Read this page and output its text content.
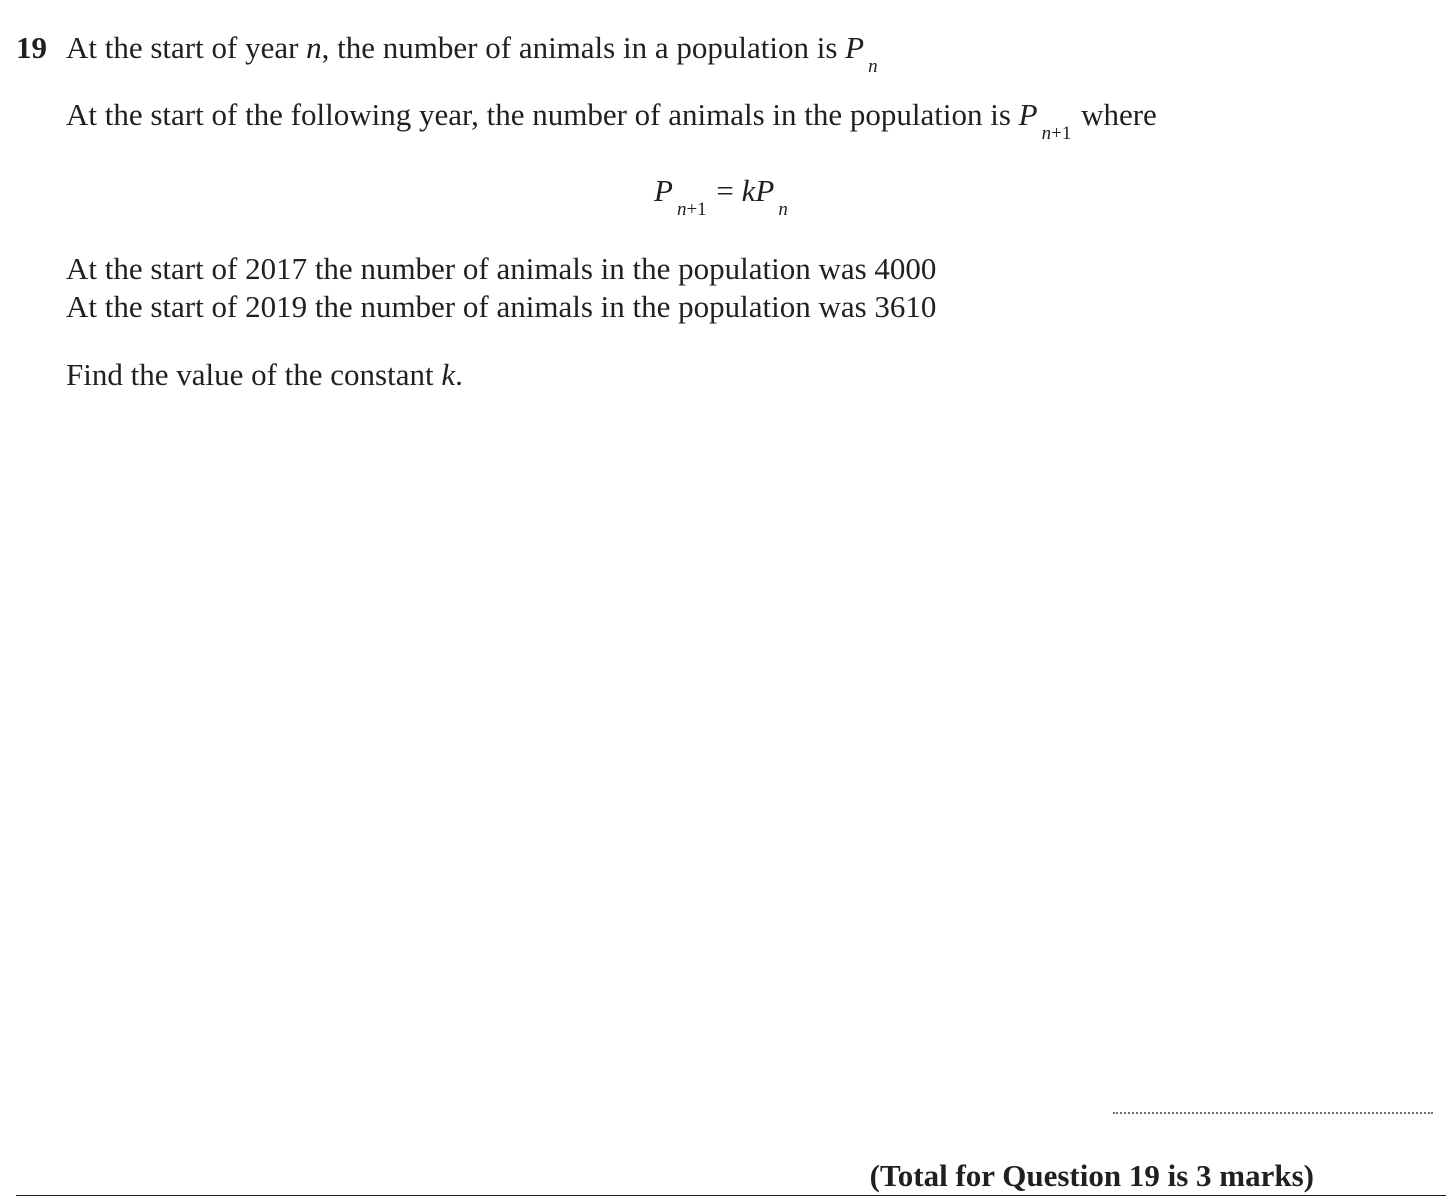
19 At the start of year n, the number of animals in a population is $P_n$
At the start of the following year, the number of animals in the population is $P_{n+1}$ where
$P_{n+1} = kP_n$
At the start of 2017 the number of animals in the population was 4000
At the start of 2019 the number of animals in the population was 3610
Find the value of the constant k.
(Total for Question 19 is 3 marks)
